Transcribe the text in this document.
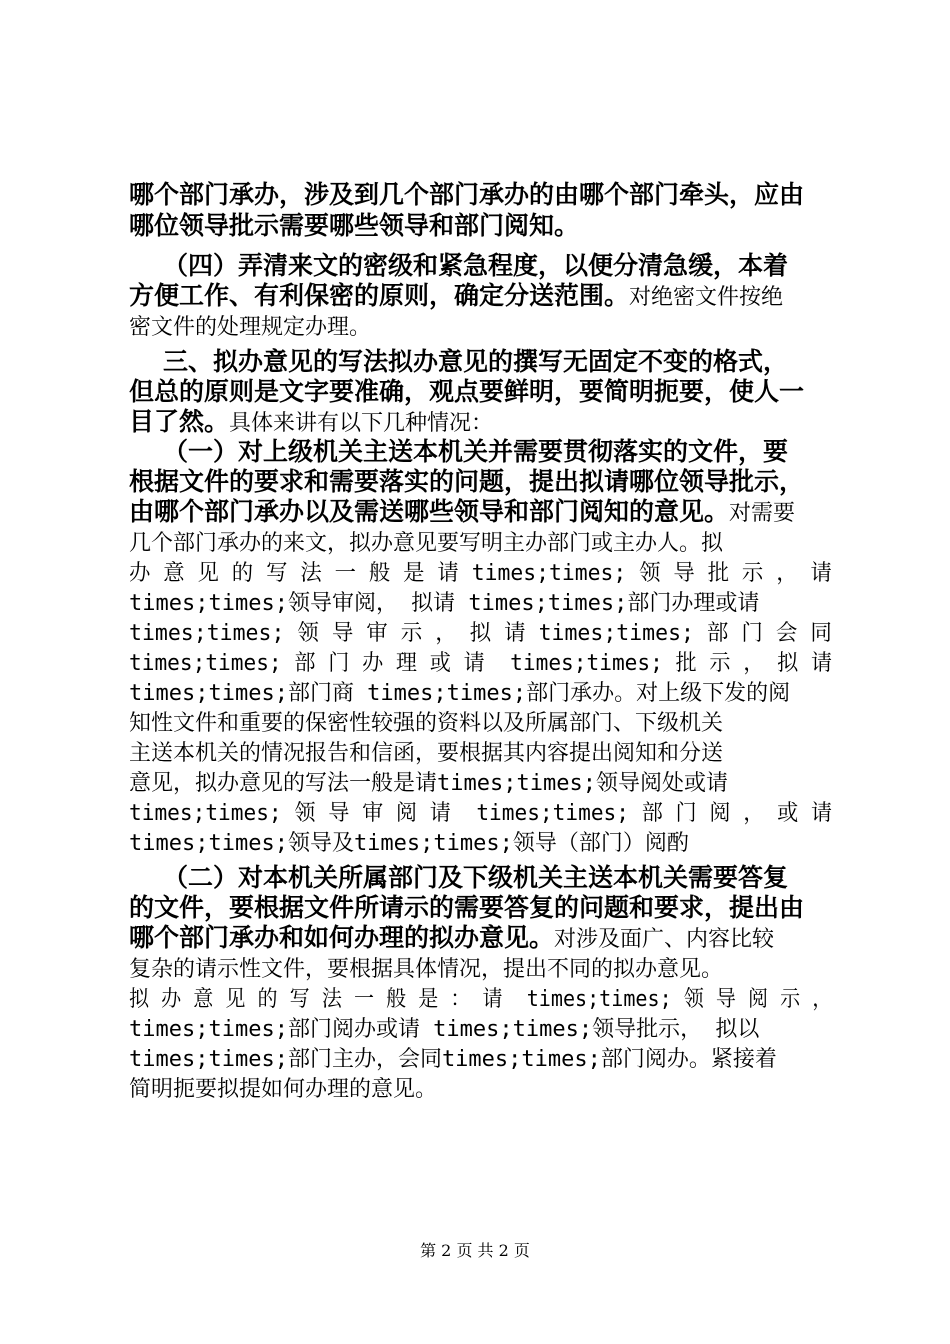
哪个部门承办，涉及到几个部门承办的由哪个部门牵头，应由
哪位领导批示需要哪些领导和部门阅知。
（四）弄清来文的密级和紧急程度，以便分清急缓，本着
方便工作、有利保密的原则，确定分送范围。对绝密文件按绝
密文件的处理规定办理。
三、拟办意见的写法拟办意见的撰写无固定不变的格式，
但总的原则是文字要准确，观点要鲜明，要简明扼要，使人一
目了然。具体来讲有以下几种情况：
（一）对上级机关主送本机关并需要贯彻落实的文件，要
根据文件的要求和需要落实的问题，提出拟请哪位领导批示，
由哪个部门承办以及需送哪些领导和部门阅知的意见。对需要
几个部门承办的来文，拟办意见要写明主办部门或主办人。拟
办 意 见 的 写 法 一 般 是 请 times;times; 领 导 批 示 ， 请
times;times;领导审阅， 拟请 times;times;部门办理或请
times;times; 领 导 审 示 ， 拟 请 times;times; 部 门 会 同
times;times; 部 门 办 理 或 请  times;times; 批 示 ， 拟 请
times;times;部门商 times;times;部门承办。对上级下发的阅
知性文件和重要的保密性较强的资料以及所属部门、下级机关
主送本机关的情况报告和信函，要根据其内容提出阅知和分送
意见，拟办意见的写法一般是请times;times;领导阅处或请
times;times; 领 导 审 阅 请  times;times; 部 门 阅 ， 或 请
times;times;领导及times;times;领导（部门）阅酌
（二）对本机关所属部门及下级机关主送本机关需要答复
的文件，要根据文件所请示的需要答复的问题和要求，提出由
哪个部门承办和如何办理的拟办意见。对涉及面广、内容比较
复杂的请示性文件，要根据具体情况，提出不同的拟办意见。
拟 办 意 见 的 写 法 一 般 是 ： 请  times;times; 领 导 阅 示 ，
times;times;部门阅办或请 times;times;领导批示， 拟以
times;times;部门主办，会同times;times;部门阅办。紧接着
简明扼要拟提如何办理的意见。
第 2 页 共 2 页
